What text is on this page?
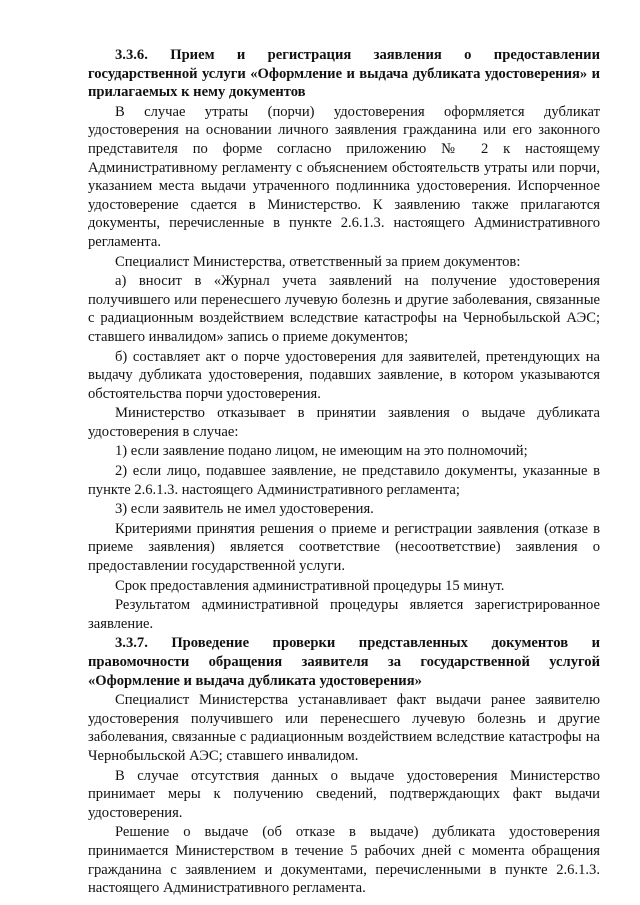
3.3.6. Прием и регистрация заявления о предоставлении государственной услуги «Оформление и выдача дубликата удостоверения» и прилагаемых к нему документов

В случае утраты (порчи) удостоверения оформляется дубликат удостоверения на основании личного заявления гражданина или его законного представителя по форме согласно приложению № 2 к настоящему Административному регламенту с объяснением обстоятельств утраты или порчи, указанием места выдачи утраченного подлинника удостоверения. Испорченное удостоверение сдается в Министерство. К заявлению также прилагаются документы, перечисленные в пункте 2.6.1.3. настоящего Административного регламента.

Специалист Министерства, ответственный за прием документов:

а) вносит в «Журнал учета заявлений на получение удостоверения получившего или перенесшего лучевую болезнь и другие заболевания, связанные с радиационным воздействием вследствие катастрофы на Чернобыльской АЭС; ставшего инвалидом» запись о приеме документов;

б) составляет акт о порче удостоверения для заявителей, претендующих на выдачу дубликата удостоверения, подавших заявление, в котором указываются обстоятельства порчи удостоверения.

Министерство отказывает в принятии заявления о выдаче дубликата удостоверения в случае:

1) если заявление подано лицом, не имеющим на это полномочий;

2) если лицо, подавшее заявление, не представило документы, указанные в пункте 2.6.1.3. настоящего Административного регламента;

3) если заявитель не имел удостоверения.

Критериями принятия решения о приеме и регистрации заявления (отказе в приеме заявления) является соответствие (несоответствие) заявления о предоставлении государственной услуги.

Срок предоставления административной процедуры 15 минут.

Результатом административной процедуры является зарегистрированное заявление.

3.3.7. Проведение проверки представленных документов и правомочности обращения заявителя за государственной услугой «Оформление и выдача дубликата удостоверения»

Специалист Министерства устанавливает факт выдачи ранее заявителю удостоверения получившего или перенесшего лучевую болезнь и другие заболевания, связанные с радиационным воздействием вследствие катастрофы на Чернобыльской АЭС; ставшего инвалидом.

В случае отсутствия данных о выдаче удостоверения Министерство принимает меры к получению сведений, подтверждающих факт выдачи удостоверения.

Решение о выдаче (об отказе в выдаче) дубликата удостоверения принимается Министерством в течение 5 рабочих дней с момента обращения гражданина с заявлением и документами, перечисленными в пункте 2.6.1.3. настоящего Административного регламента.
